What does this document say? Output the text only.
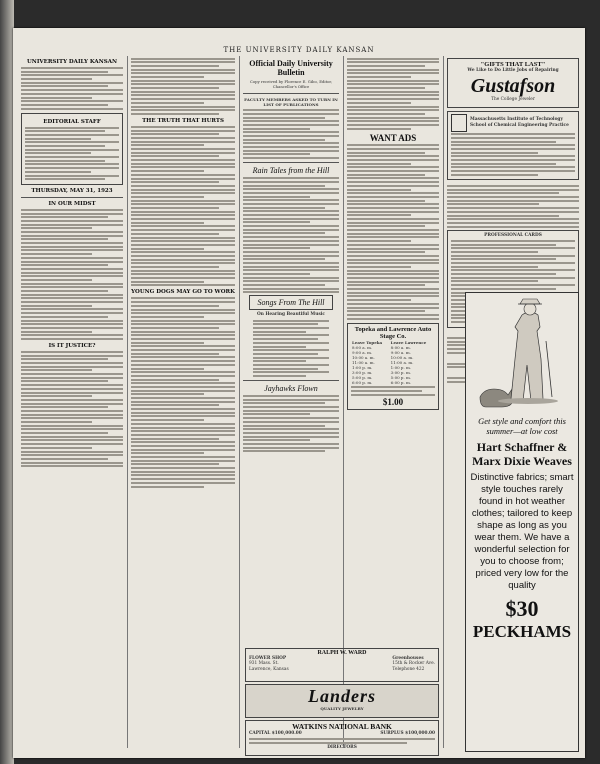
THE UNIVERSITY DAILY KANSAN
UNIVERSITY DAILY KANSAN
EDITORIAL STAFF
THURSDAY, MAY 31, 1923
IN OUR MIDST
IS IT JUSTICE?
THE TRUTH THAT HURTS
YOUNG DOGS MAY GO TO WORK
Official Daily University Bulletin
Copy received by Florence E. Gibo, Editor, Chancellor's Office
FACULTY MEMBERS ASKED TO TURN IN LIST OF PUBLICATIONS
Rain Tales from the Hill
Songs From The Hill
On Hearing Beautiful Music
Jayhawks Flown
WANT ADS
Topeka and Lawrence Auto Stage Co.
Leave Topeka	Leave Lawrence
8:00 a. m.	8:00 a. m.
9:00 a. m.	9:00 a. m.
10:00 a. m.	10:00 a. m.
11:00 a. m.	11:00 a. m.
1:00 p. m.	1:00 p. m.
3:00 p. m.	3:00 p. m.
5:00 p. m.	5:00 p. m.
6:00 p. m.	6:00 p. m.
$1.00
"GIFTS THAT LAST"
We Like to Do Little Jobs of Repairing
Gustafson
The College Jeweler
Massachusetts Institute of Technology
School of Chemical Engineering Practice
PROFESSIONAL CARDS
Get style and comfort this summer—at low cost
Hart Schaffner & Marx Dixie Weaves
Distinctive fabrics; smart style touches rarely found in hot weather clothes; tailored to keep shape as long as you wear them. We have a wonderful selection for you to choose from; priced very low for the quality
$30
PECKHAMS
RALPH W. WARD
FLOWER SHOP
931 Mass. St.
Lawrence, Kansas
Greenhouses
15th & Rocker Ave.
Telephone 422
Landers
QUALITY JEWELRY
WATKINS NATIONAL BANK
CAPITAL $100,000.00	SURPLUS $100,000.00
DIRECTORS
